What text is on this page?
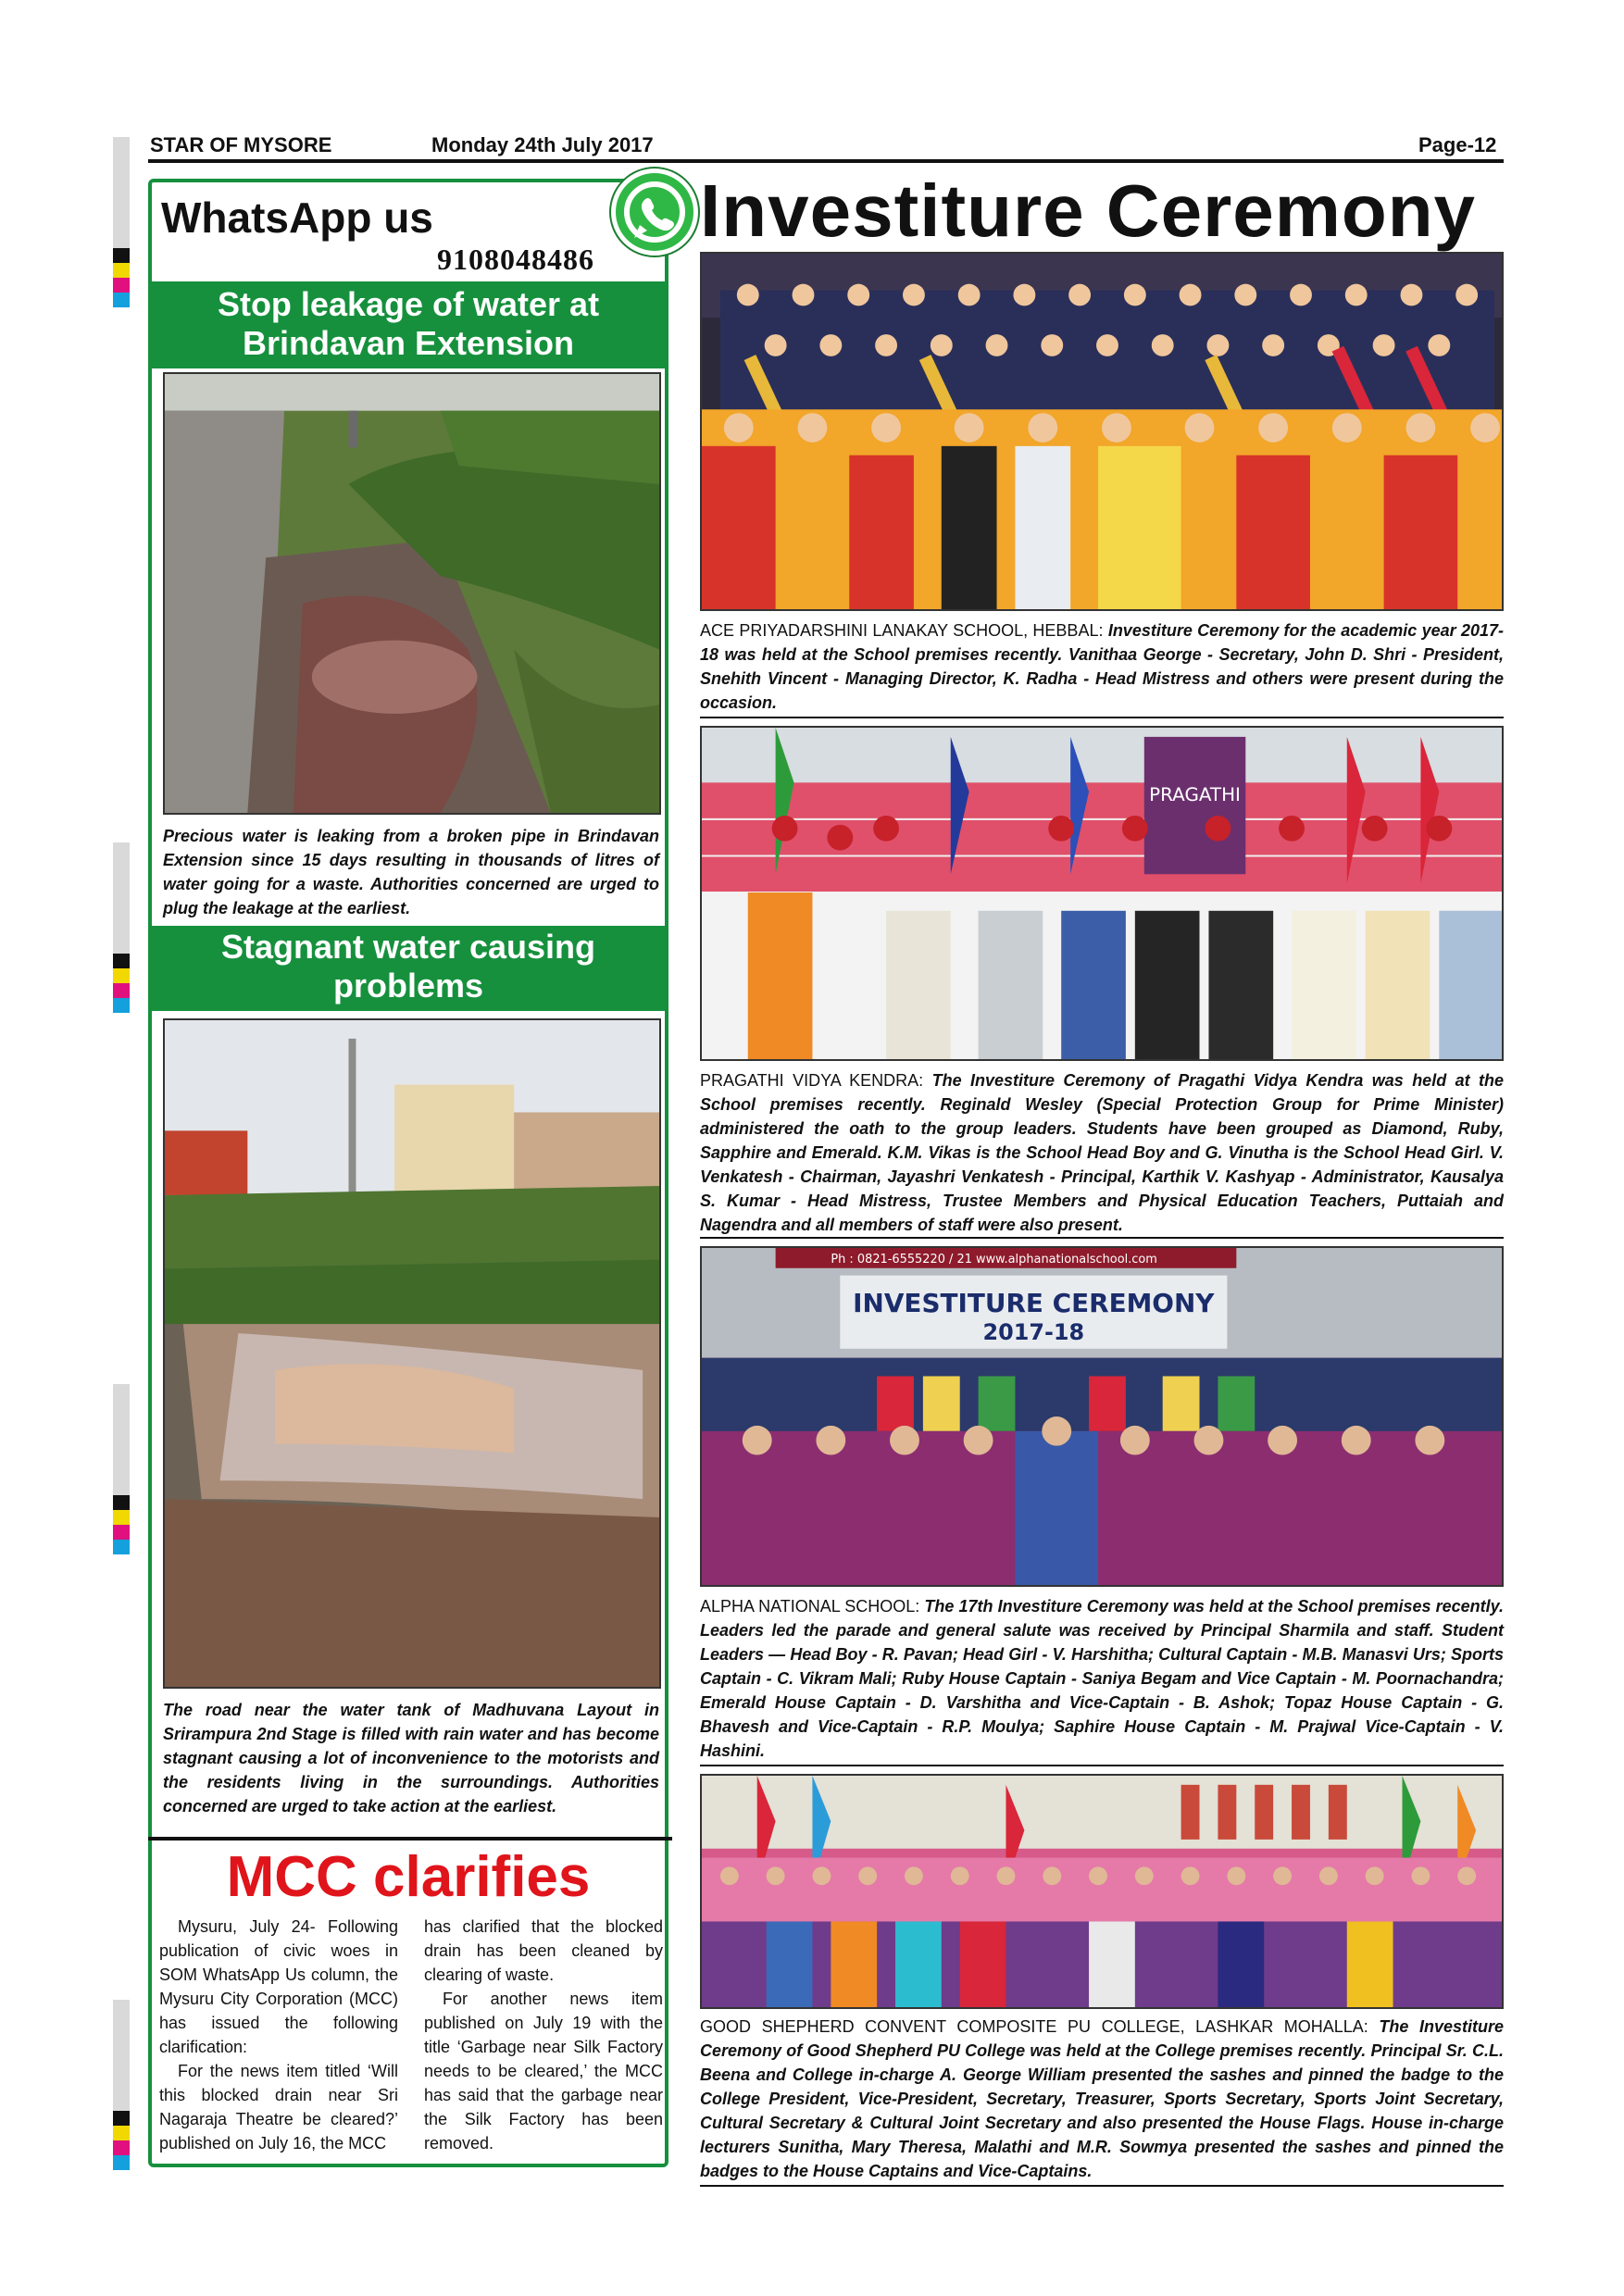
STAR OF MYSORE	Monday 24th July 2017	Page-12
WhatsApp us
9108048486
Stop leakage of water at
Brindavan Extension
Precious water is leaking from a broken pipe in Brindavan Extension since 15 days resulting in thousands of litres of water going for a waste. Authorities concerned are urged to plug the leakage at the earliest.
Stagnant water causing problems
The road near the water tank of Madhuvana Layout in Srirampura 2nd Stage is filled with rain water and has become stagnant causing a lot of inconvenience to the motorists and the residents living in the surroundings. Authorities concerned are urged to take action at the earliest.
MCC clarifies

Mysuru, July 24- Following publication of civic woes in SOM WhatsApp Us column, the Mysuru City Corporation (MCC) has issued the following clarification:

For the news item titled ‘Will this blocked drain near Sri Nagaraja Theatre be cleared?’ published on July 16, the MCC

has clarified that the blocked drain has been cleaned by clearing of waste.

For another news item published on July 19 with the title ‘Garbage near Silk Factory needs to be cleared,’ the MCC has said that the garbage near the Silk Factory has been removed.

Investiture Ceremony
ACE PRIYADARSHINI LANAKAY SCHOOL, HEBBAL: Investiture Ceremony for the academic year 2017-18 was held at the School premises recently. Vanithaa George - Secretary, John D. Shri - President, Snehith Vincent - Managing Director, K. Radha - Head Mistress and others were present during the occasion.
PRAGATHI
PRAGATHI VIDYA KENDRA: The Investiture Ceremony of Pragathi Vidya Kendra was held at the School premises recently. Reginald Wesley (Special Protection Group for Prime Minister) administered the oath to the group leaders. Students have been grouped as Diamond, Ruby, Sapphire and Emerald. K.M. Vikas is the School Head Boy and G. Vinutha is the School Head Girl. V. Venkatesh - Chairman, Jayashri Venkatesh - Principal, Karthik V. Kashyap - Administrator, Kausalya S. Kumar - Head Mistress, Trustee Members and Physical Education Teachers, Puttaiah and Nagendra and all members of staff were also present.
Ph : 0821-6555220 / 21 www.alphanationalschool.com
INVESTITURE CEREMONY
2017-18
ALPHA NATIONAL SCHOOL: The 17th Investiture Ceremony was held at the School premises recently. Leaders led the parade and general salute was received by Principal Sharmila and staff. Student Leaders — Head Boy - R. Pavan; Head Girl - V. Harshitha; Cultural Captain - M.B. Manasvi Urs; Sports Captain - C. Vikram Mali; Ruby House Captain - Saniya Begam and Vice Captain - M. Poornachandra; Emerald House Captain - D. Varshitha and Vice-Captain - B. Ashok; Topaz House Captain - G. Bhavesh and Vice-Captain - R.P. Moulya; Saphire House Captain - M. Prajwal Vice-Captain - V. Hashini.
GOOD SHEPHERD CONVENT COMPOSITE PU COLLEGE, LASHKAR MOHALLA: The Investiture Ceremony of Good Shepherd PU College was held at the College premises recently. Principal Sr. C.L. Beena and College in-charge A. George William presented the sashes and pinned the badge to the College President, Vice-President, Secretary, Treasurer, Sports Secretary, Sports Joint Secretary, Cultural Secretary & Cultural Joint Secretary and also presented the House Flags. House in-charge lecturers Sunitha, Mary Theresa, Malathi and M.R. Sowmya presented the sashes and pinned the badges to the House Captains and Vice-Captains.
